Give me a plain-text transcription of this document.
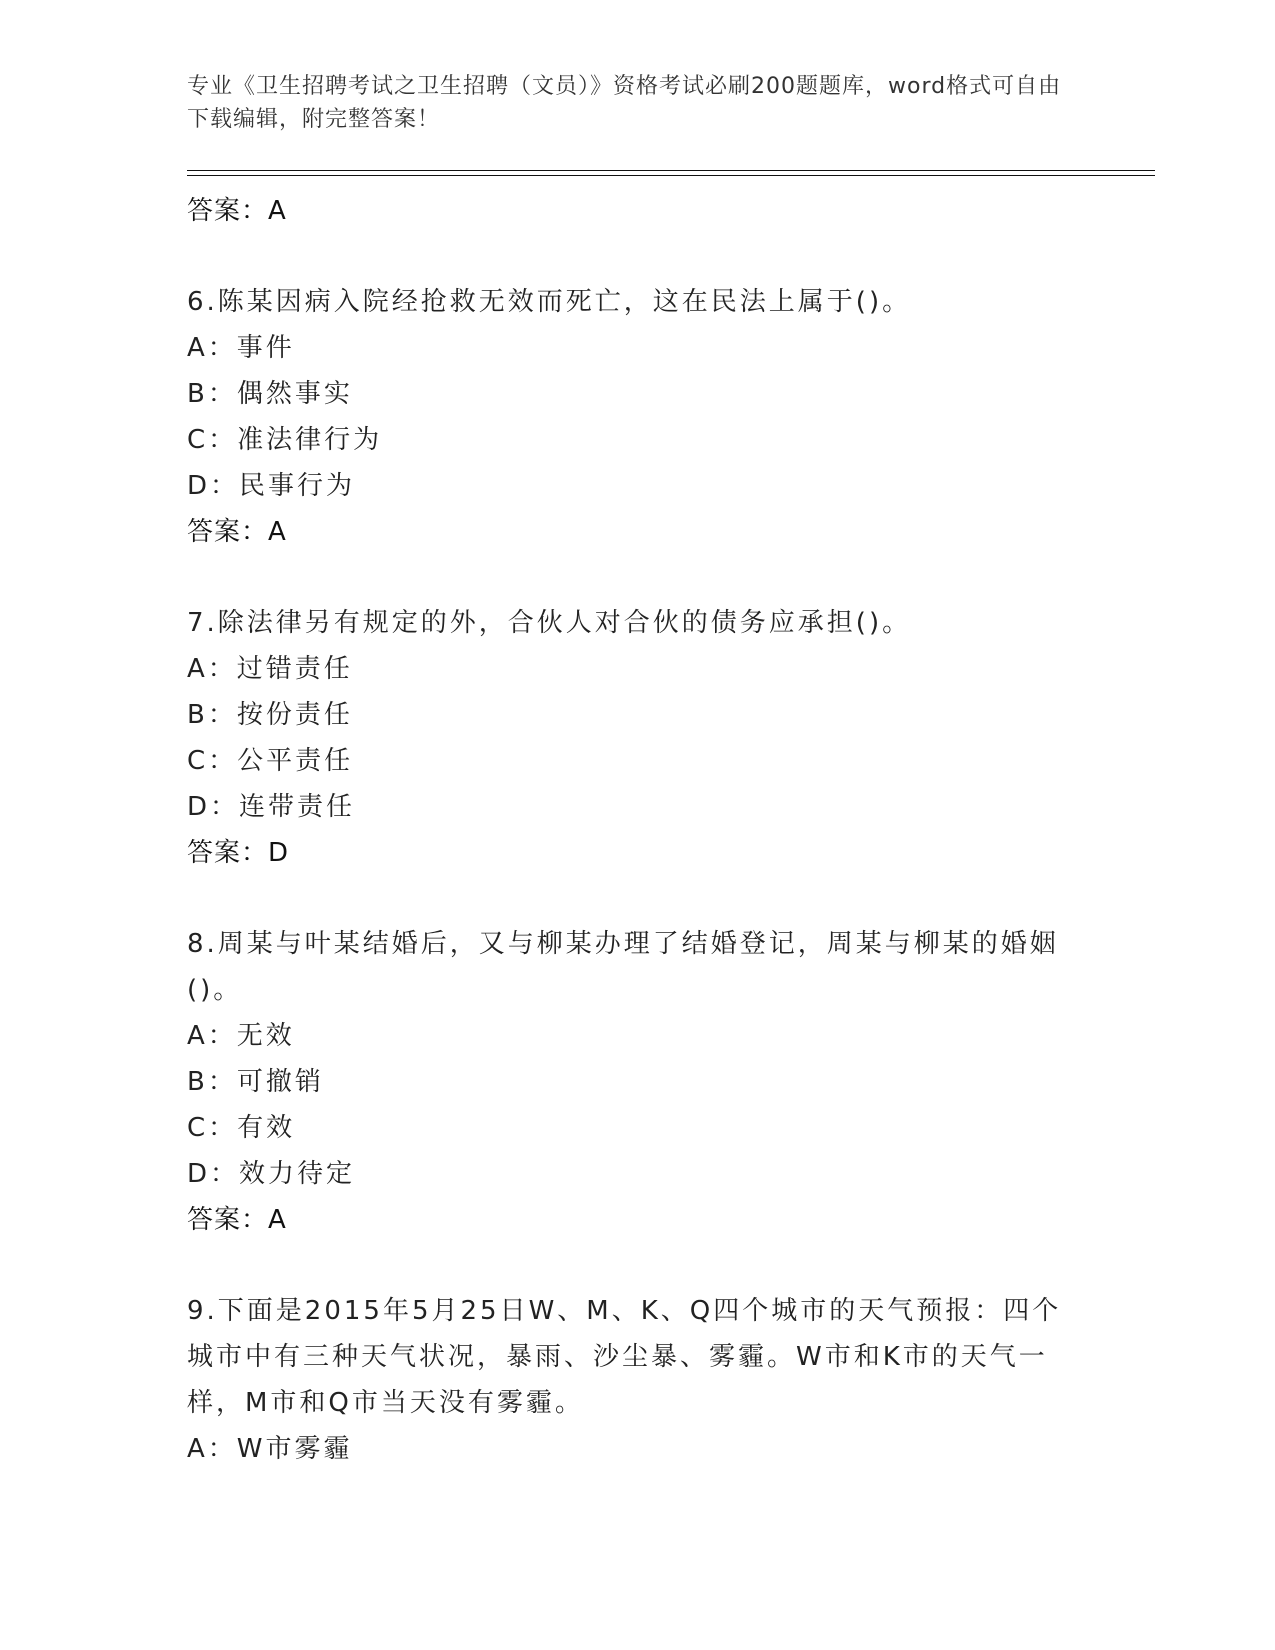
专业《卫生招聘考试之卫生招聘（文员）》资格考试必刷200题题库，word格式可自由下载编辑，附完整答案！
答案：A
6.陈某因病入院经抢救无效而死亡，这在民法上属于()。
A：事件
B：偶然事实
C：准法律行为
D：民事行为
答案：A
7.除法律另有规定的外，合伙人对合伙的债务应承担()。
A：过错责任
B：按份责任
C：公平责任
D：连带责任
答案：D
8.周某与叶某结婚后，又与柳某办理了结婚登记，周某与柳某的婚姻()。
A：无效
B：可撤销
C：有效
D：效力待定
答案：A
9.下面是2015年5月25日W、M、K、Q四个城市的天气预报：四个城市中有三种天气状况，暴雨、沙尘暴、雾霾。W市和K市的天气一样，M市和Q市当天没有雾霾。
A：W市雾霾
